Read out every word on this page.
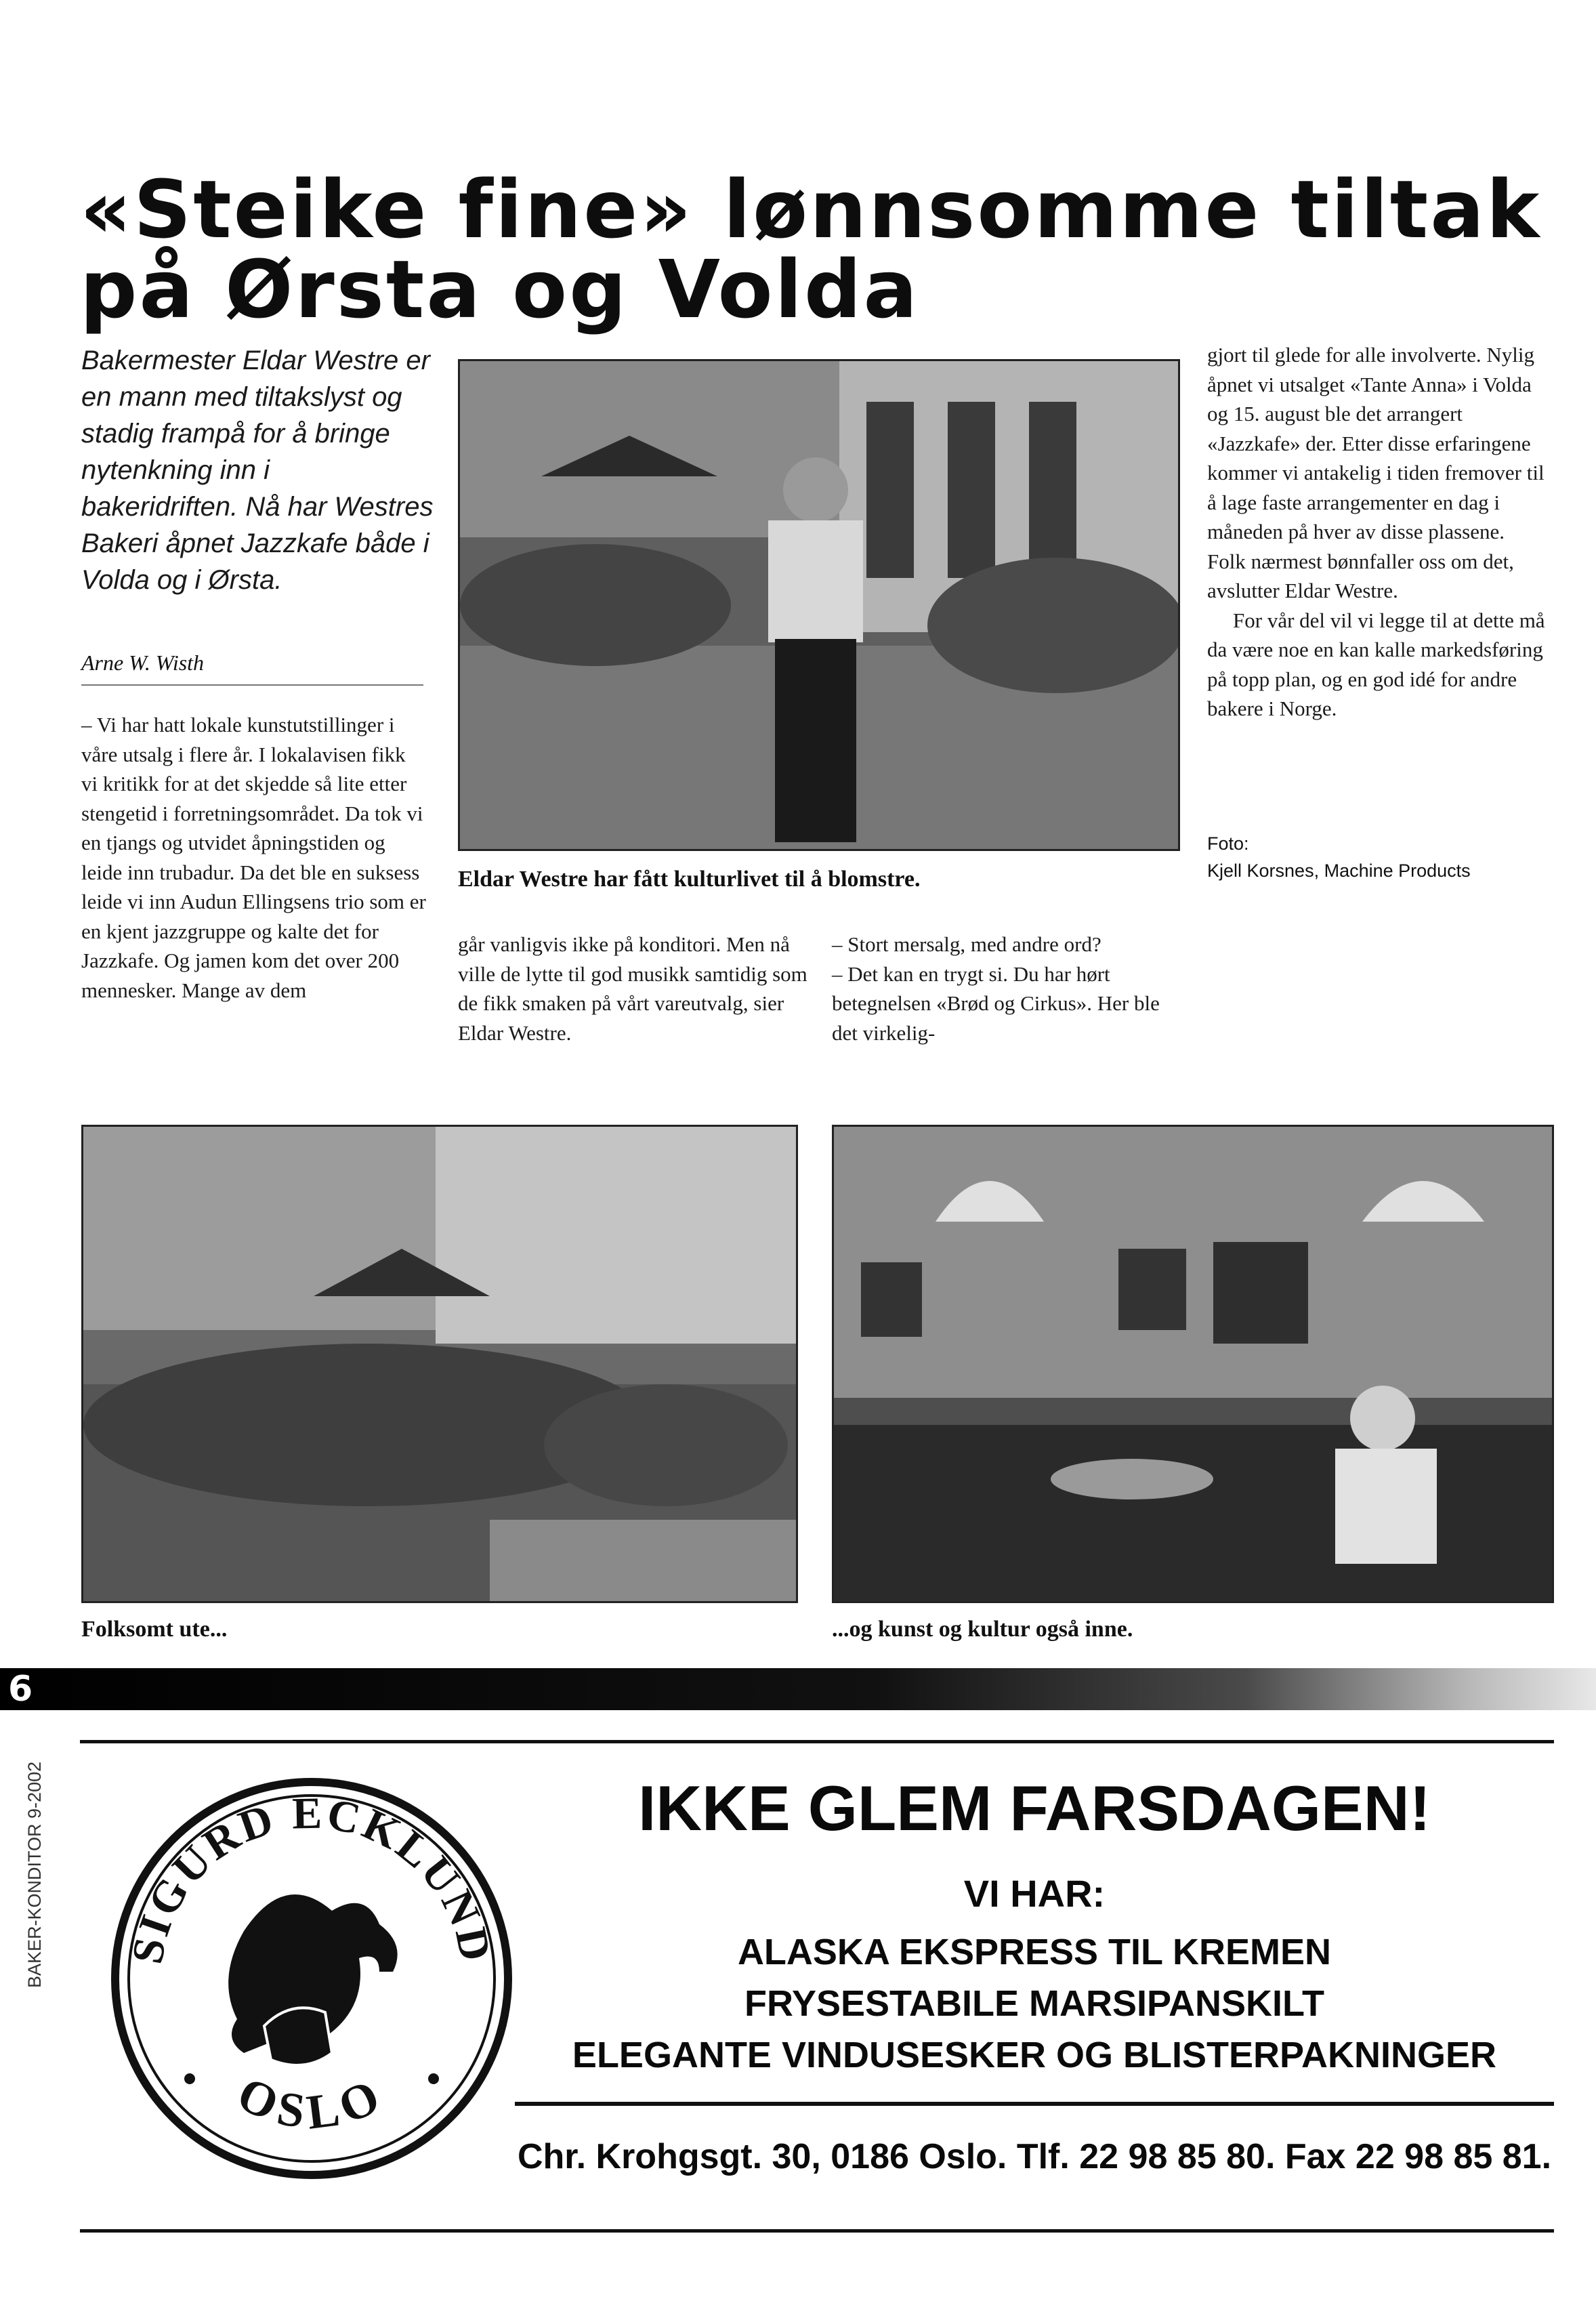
«Steike fine» lønnsomme tiltak
på Ørsta og Volda
Bakermester Eldar Westre er en mann med tiltakslyst og stadig frampå for å bringe nytenkning inn i bakeridriften. Nå har Westres Bakeri åpnet Jazzkafe både i Volda og i Ørsta.
Arne W. Wisth

– Vi har hatt lokale kunstutstillinger i våre utsalg i flere år. I lokalavisen fikk vi kritikk for at det skjedde så lite etter stengetid i forretningsområdet. Da tok vi en tjangs og utvidet åpningstiden og leide inn trubadur. Da det ble en suksess leide vi inn Audun Ellingsens trio som er en kjent jazzgruppe og kalte det for Jazzkafe. Og jamen kom det over 200 mennesker. Mange av dem

Eldar Westre har fått kulturlivet til å blomstre.

går vanligvis ikke på konditori. Men nå ville de lytte til god musikk samtidig som de fikk smaken på vårt vareutvalg, sier Eldar Westre.

– Stort mersalg, med andre ord?

– Det kan en trygt si. Du har hørt betegnelsen «Brød og Cirkus». Her ble det virkelig-

gjort til glede for alle involverte. Nylig åpnet vi utsalget «Tante Anna» i Volda og 15. august ble det arrangert «Jazzkafe» der. Etter disse erfaringene kommer vi antakelig i tiden fremover til å lage faste arrangementer en dag i måneden på hver av disse plassene. Folk nærmest bønnfaller oss om det, avslutter Eldar Westre.

For vår del vil vi legge til at dette må da være noe en kan kalle markedsføring på topp plan, og en god idé for andre bakere i Norge.

Foto:
Kjell Korsnes, Machine Products
Folksomt ute...	...og kunst og kultur også inne.
6
BAKER-KONDITOR 9-2002 SIGURD ECKLUND
OSLO
IKKE GLEM FARSDAGEN!
VI HAR:
ALASKA EKSPRESS TIL KREMEN
FRYSESTABILE MARSIPANSKILT
ELEGANTE VINDUSESKER OG BLISTERPAKNINGER
Chr. Krohgsgt. 30, 0186 Oslo. Tlf. 22 98 85 80. Fax 22 98 85 81.
